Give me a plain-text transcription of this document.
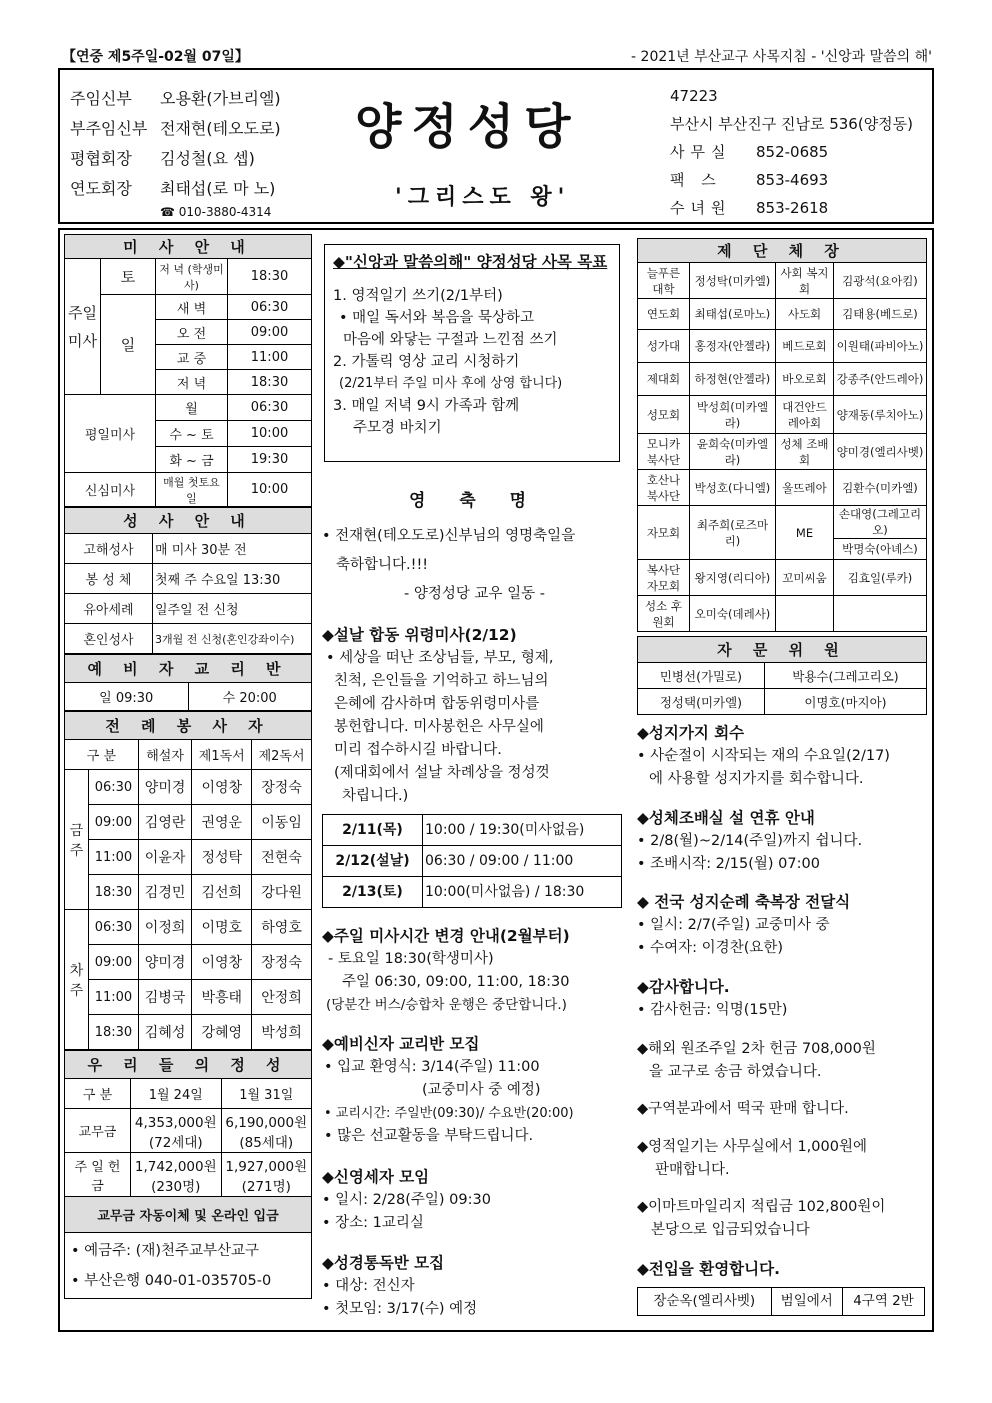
【연중 제5주일-02월 07일】	- 2021년 부산교구 사목지침 - '신앙과 말씀의 해'
주임신부	오용환(가브리엘)
부주임신부 전재현(테오도로)
평협회장	김성철(요 셉)
연도회장	최태섭(로 마 노)
☎ 010-3880-4314
양정성당
'그리스도 왕'
47223
부산시 부산진구 진남로 536(양정동)
사무실	852-0685
팩 스	853-4693
수녀원	853-2618
미 사 안 내			
주일미사	토	저 녁 (학생미사)	18:30
	일	새 벽	06:30
		오 전	09:00
		교 중	11:00
		저 녁	18:30
평일미사		월	06:30
		수 ~ 토	10:00
		화 ~ 금	19:30
신심미사		매월 첫토요일	10:00
성 사 안 내	
고해성사	매 미사 30분 전
봉 성 체	첫째 주 수요일 13:30
유아세례	일주일 전 신청
혼인성사	3개월 전 신청(혼인강좌이수)
예 비 자 교 리 반
일 09:30	수 20:00
전 례 봉 사 자				
구 분		해설자	제1독서	제2독서
금주	06:30	양미경	이영창	장정숙
	09:00	김영란	권영운	이동임
	11:00	이윤자	정성탁	전현숙
	18:30	김경민	김선희	강다원
차주	06:30	이정희	이명호	하영호
	09:00	양미경	이영창	장정숙
	11:00	김병국	박흥태	안정희
	18:30	김혜성	강혜영	박성희
우 리 들 의 정 성		
구 분	1월 24일	1월 31일
교무금	4,353,000원 (72세대)	6,190,000원 (85세대)
주 일 헌 금	1,742,000원 (230명)	1,927,000원 (271명)
교무금 자동이체 및 온라인 입금		

• 예금주: (재)천주교부산교구
• 부산은행 040-01-035705-0		
◆"신앙과 말씀의해" 양정성당 사목 목표
1. 영적일기 쓰기(2/1부터)
• 매일 독서와 복음을 묵상하고
마음에 와닿는 구절과 느낀점 쓰기
2. 가톨릭 영상 교리 시청하기
(2/21부터 주일 미사 후에 상영 합니다)
3. 매일 저녁 9시 가족과 함께
주모경 바치기
영 축 명
• 전재현(테오도로)신부님의 영명축일을
축하합니다.!!!
- 양정성당 교우 일동 -
◆설날 합동 위령미사(2/12)
• 세상을 떠난 조상님들, 부모, 형제,
친척, 은인들을 기억하고 하느님의
은혜에 감사하며 합동위령미사를
봉헌합니다. 미사봉헌은 사무실에
미리 접수하시길 바랍니다.
(제대회에서 설날 차례상을 정성껏
차립니다.)
2/11(목)	10:00 / 19:30(미사없음)
2/12(설날)	06:30 / 09:00 / 11:00
2/13(토)	10:00(미사없음) / 18:30
◆주일 미사시간 변경 안내(2월부터)
- 토요일 18:30(학생미사)
주일 06:30, 09:00, 11:00, 18:30
(당분간 버스/승합차 운행은 중단합니다.)
◆예비신자 교리반 모집
• 입교 환영식: 3/14(주일) 11:00
(교중미사 중 예정)
• 교리시간: 주일반(09:30)/ 수요반(20:00)
• 많은 선교활동을 부탁드립니다.
◆신영세자 모임
• 일시: 2/28(주일) 09:30
• 장소: 1교리실
◆성경통독반 모집
• 대상: 전신자
• 첫모임: 3/17(수) 예정
제 단 체 장			
늘푸른 대학	정성탁(미카엘)	사회 복지회	김광석(요아킴)
연도회	최태섭(로마노)	사도회	김태용(베드로)
성가대	홍정자(안젤라)	베드로회	이원태(파비아노)
제대회	하정현(안젤라)	바오로회	강종주(안드레아)
성모회	박성희(미카엘라)	대건안드 레아회	양재동(루치아노)
모니카 북사단	윤희숙(미카엘라)	성체 조배회	양미경(엘리사벳)
호산나 북사단	박성호(다니엘)	울뜨레아	김환수(미카엘)
자모회	최주희(로즈마리)	ME	손대영(그레고리오)
			박명숙(아녜스)
복사단 자모회	왕지영(리디아)	꼬미씨움	김효일(루카)
성소 후원회	오미숙(데레사)		
자 문 위 원	
민병선(가밀로)	박용수(그레고리오)
정성택(미카엘)	이명호(마지아)
◆성지가지 회수
• 사순절이 시작되는 재의 수요일(2/17)
에 사용할 성지가지를 회수합니다.
◆성체조배실 설 연휴 안내
• 2/8(월)~2/14(주일)까지 쉽니다.
• 조배시작: 2/15(월) 07:00
◆ 전국 성지순례 축복장 전달식
• 일시: 2/7(주일) 교중미사 중
• 수여자: 이경찬(요한)
◆감사합니다.
• 감사헌금: 익명(15만)
◆해외 원조주일 2차 헌금 708,000원
을 교구로 송금 하였습니다.
◆구역분과에서 떡국 판매 합니다.
◆영적일기는 사무실에서 1,000원에
판매합니다.
◆이마트마일리지 적립금 102,800원이
본당으로 입금되었습니다
◆전입을 환영합니다.
장순옥(엘리사벳)	범일에서	4구역 2반
